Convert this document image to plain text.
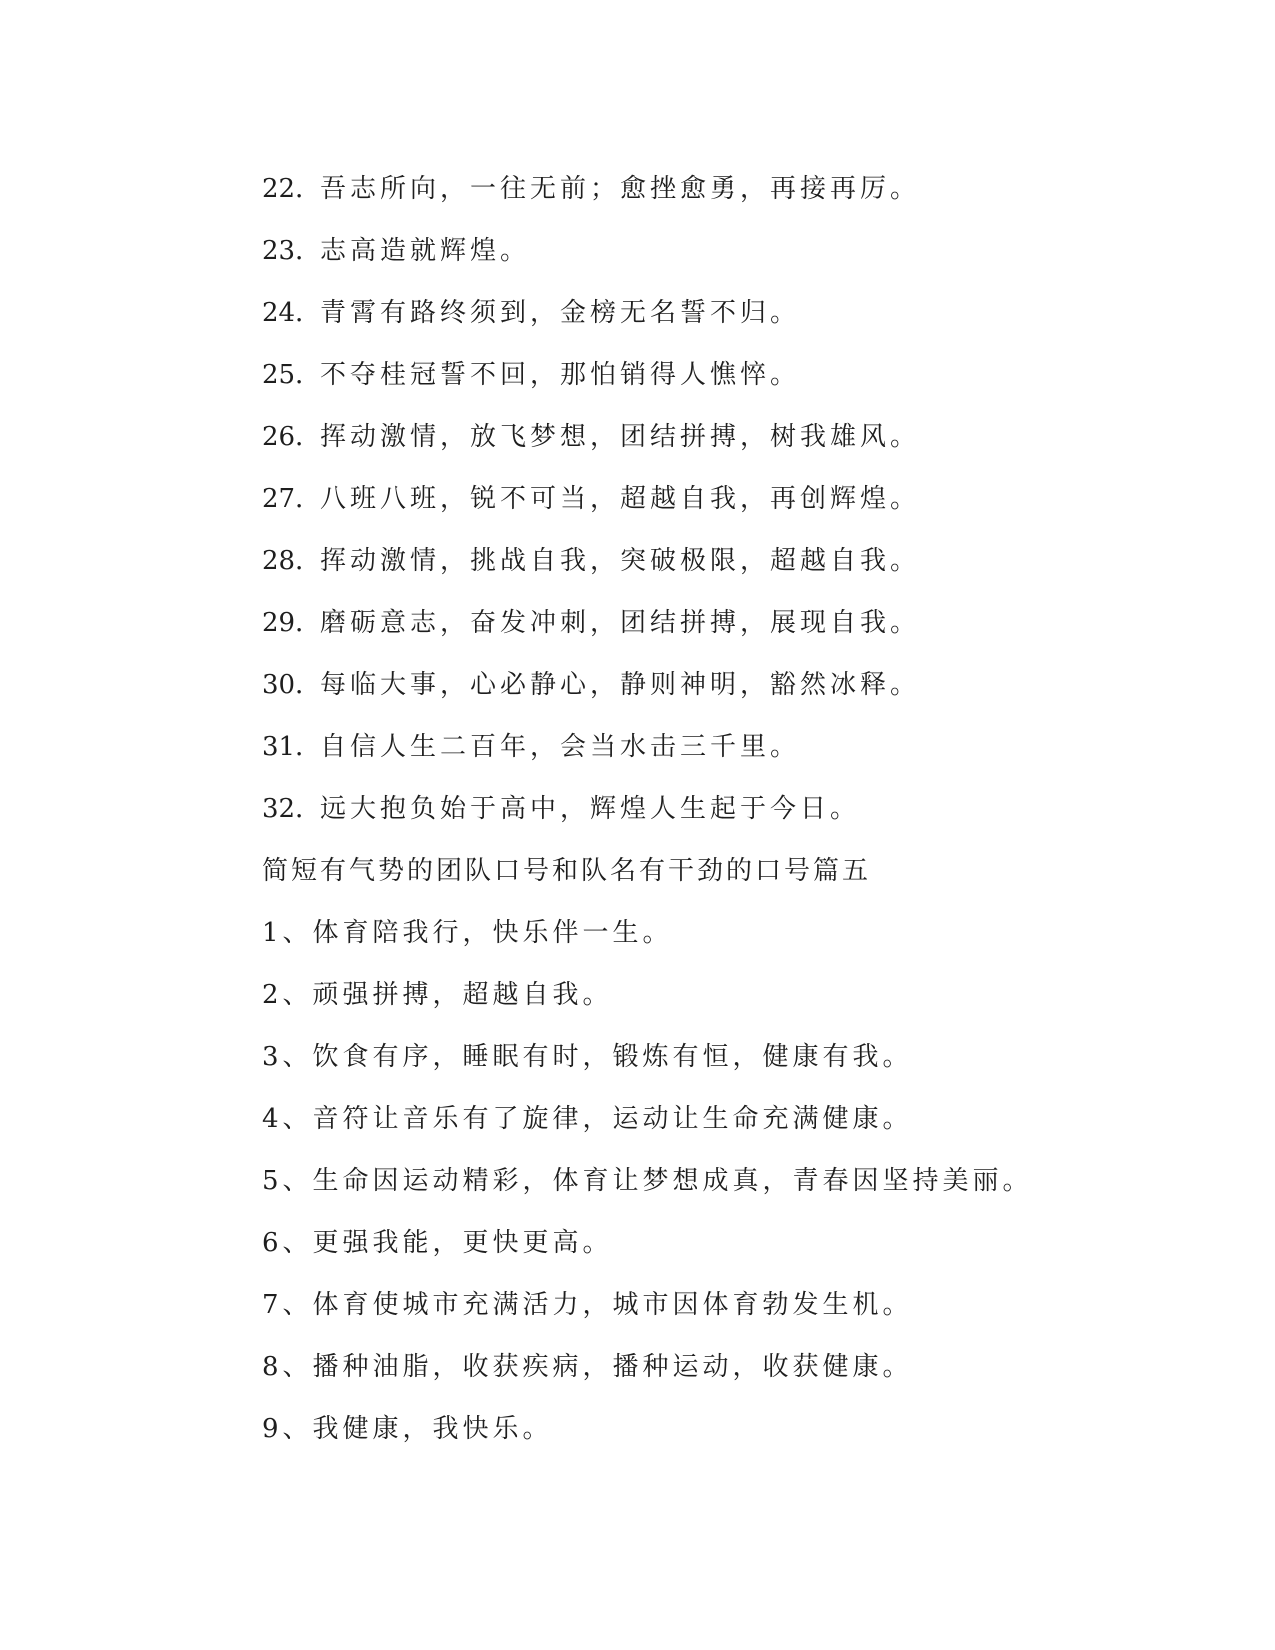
22．
吾志所向，一往无前；愈挫愈勇，再接再厉。
23．
志高造就辉煌。
24．
青霄有路终须到，金榜无名誓不归。
25．
不夺桂冠誓不回，那怕销得人憔悴。
26．
挥动激情，放飞梦想，团结拼搏，树我雄风。
27．
八班八班，锐不可当，超越自我，再创辉煌。
28．
挥动激情，挑战自我，突破极限，超越自我。
29．
磨砺意志，奋发冲刺，团结拼搏，展现自我。
30．
每临大事，心必静心，静则神明，豁然冰释。
31．
自信人生二百年，会当水击三千里。
32．
远大抱负始于高中，辉煌人生起于今日。
简短有气势的团队口号和队名有干劲的口号篇五
1、体育陪我行，快乐伴一生。
2、顽强拼搏，超越自我。
3、饮食有序，睡眠有时，锻炼有恒，健康有我。
4、音符让音乐有了旋律，运动让生命充满健康。
5、生命因运动精彩，体育让梦想成真，青春因坚持美丽。
6、更强我能，更快更高。
7、体育使城市充满活力，城市因体育勃发生机。
8、播种油脂，收获疾病，播种运动，收获健康。
9、我健康，我快乐。
